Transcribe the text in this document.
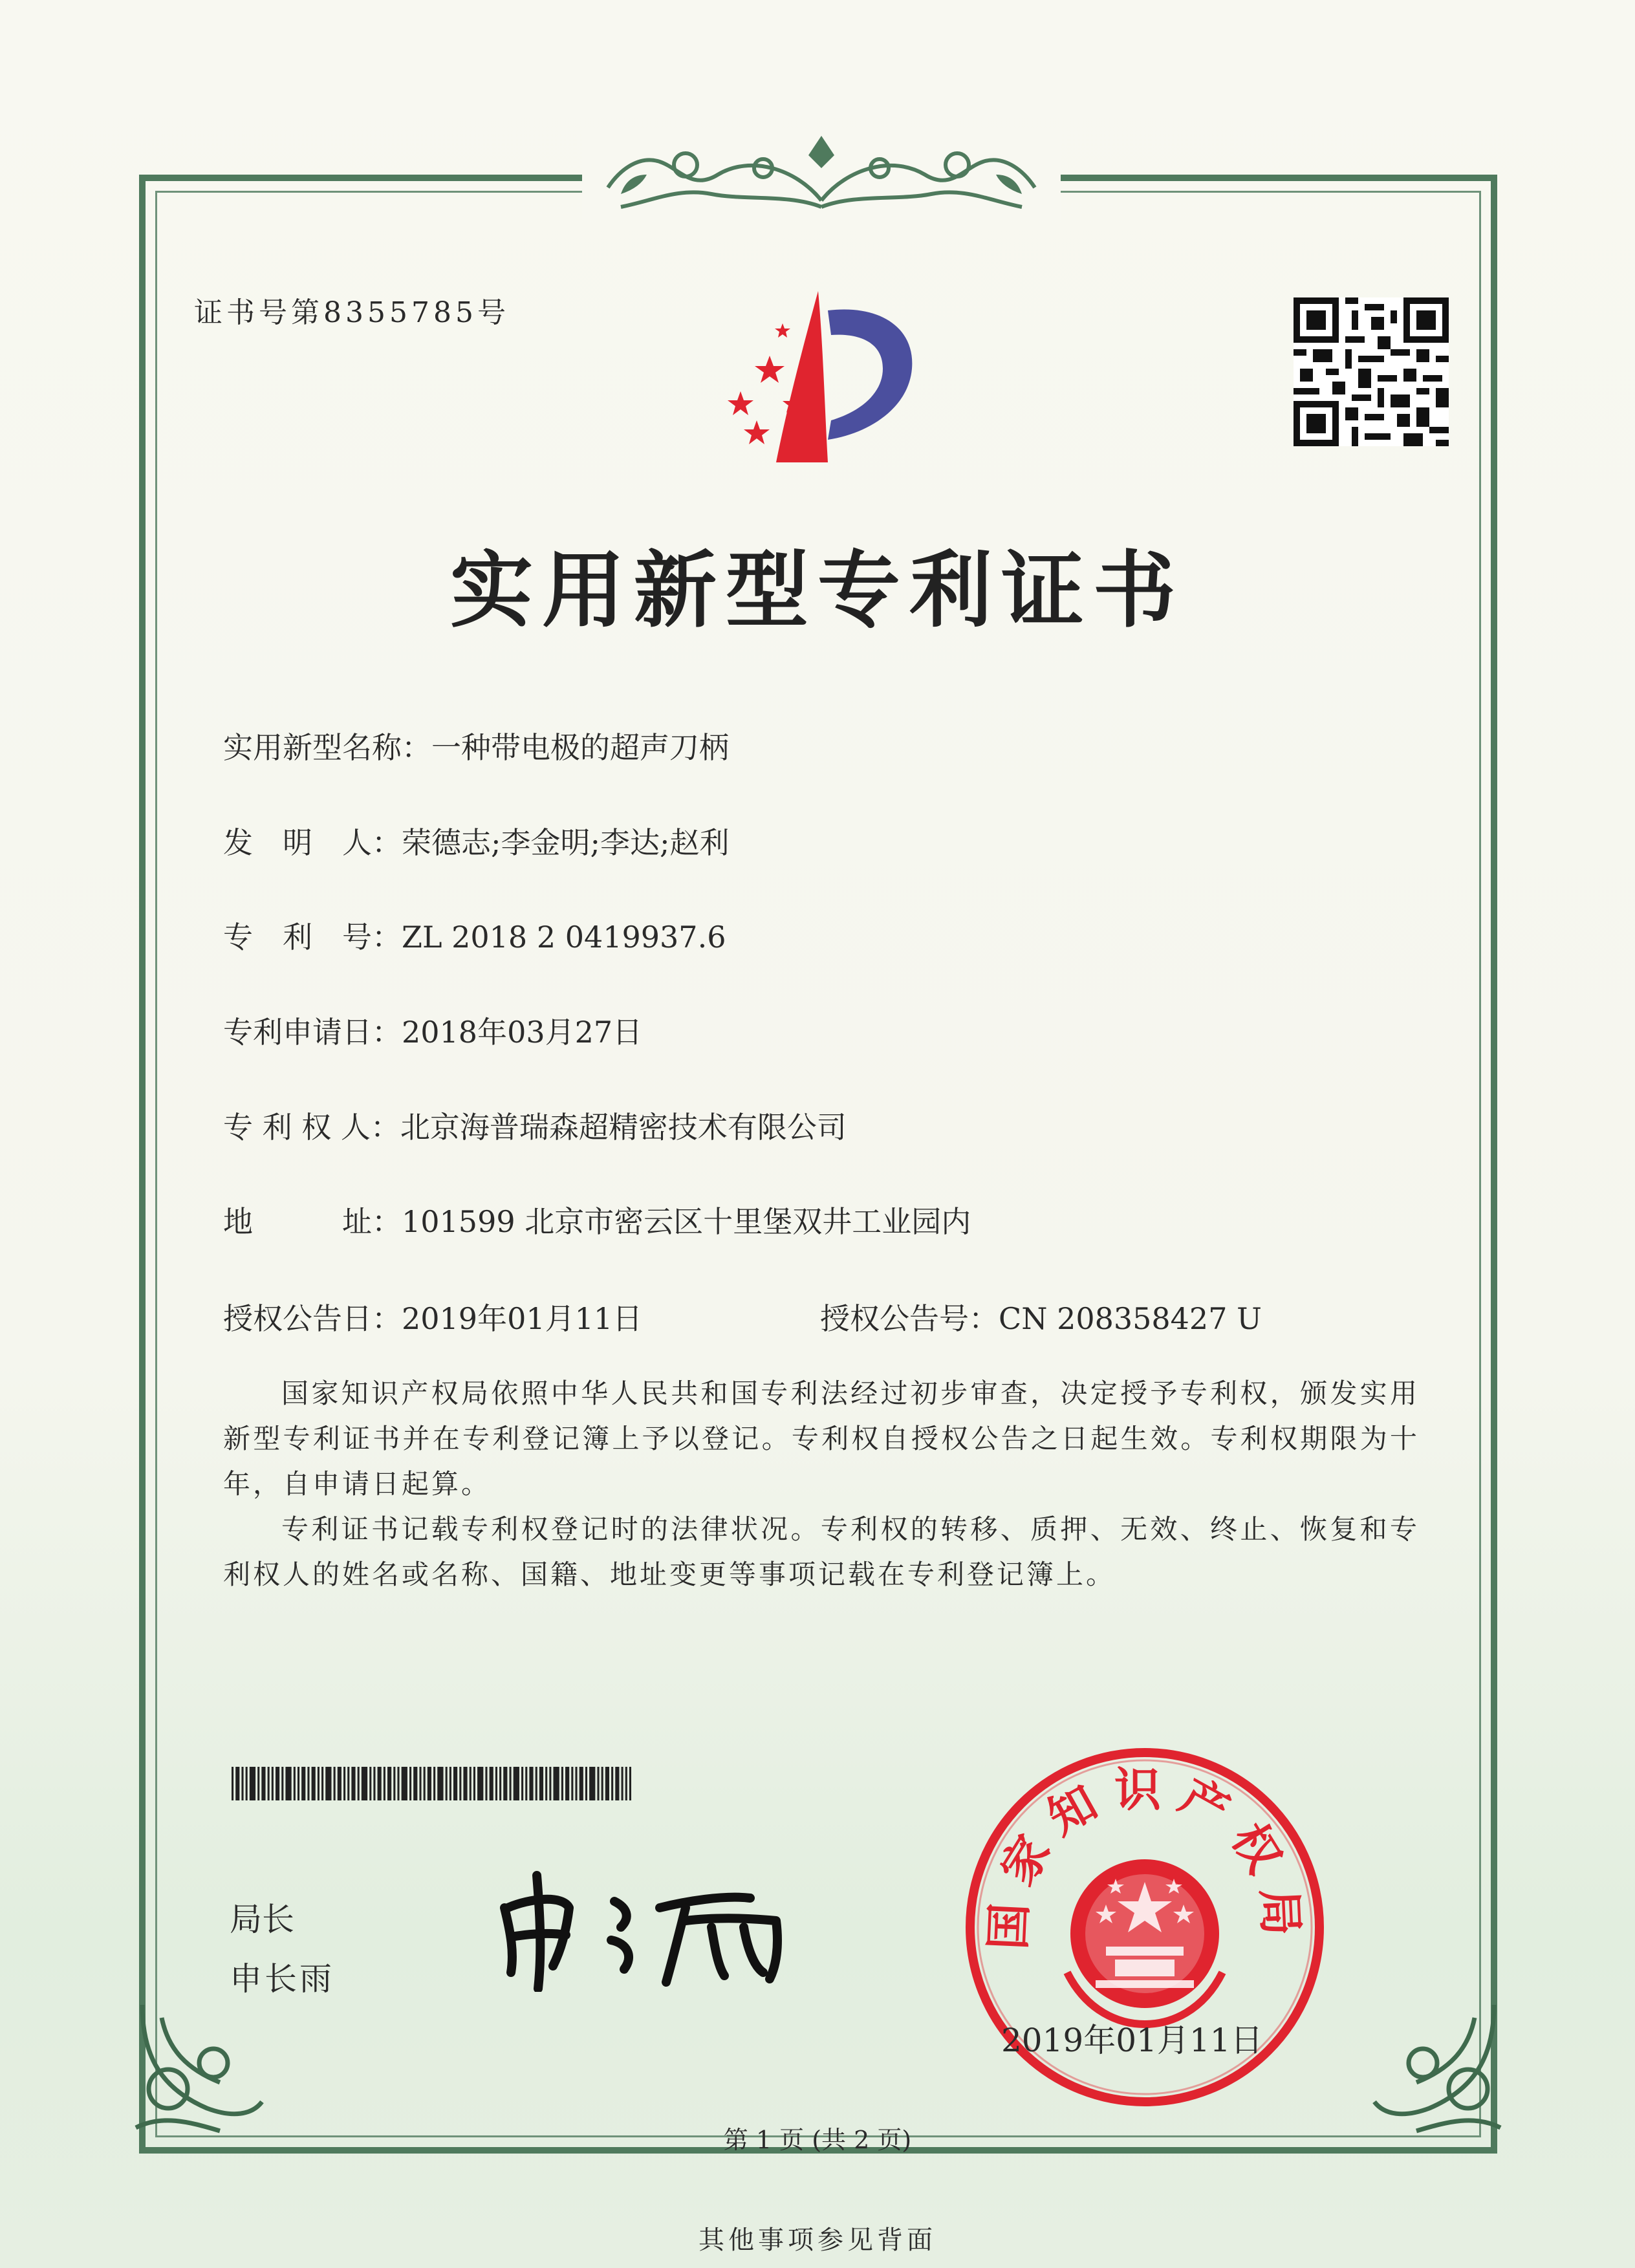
证书号第8355785号
实用新型专利证书
实用新型名称：一种带电极的超声刀柄
发　明　人：荣德志;李金明;李达;赵利
专　利　号：ZL 2018 2 0419937.6
专利申请日：2018年03月27日
专 利 权 人：北京海普瑞森超精密技术有限公司
地　　　址：101599 北京市密云区十里堡双井工业园内
授权公告日：2019年01月11日	授权公告号：CN 208358427 U
国家知识产权局依照中华人民共和国专利法经过初步审查，决定授予专利权，颁发实用新型专利证书并在专利登记簿上予以登记。专利权自授权公告之日起生效。专利权期限为十年，自申请日起算。
专利证书记载专利权登记时的法律状况。专利权的转移、质押、无效、终止、恢复和专利权人的姓名或名称、国籍、地址变更等事项记载在专利登记簿上。
局长
申长雨
国家知识产权局
2019年01月11日
第 1 页 (共 2 页)
其他事项参见背面
